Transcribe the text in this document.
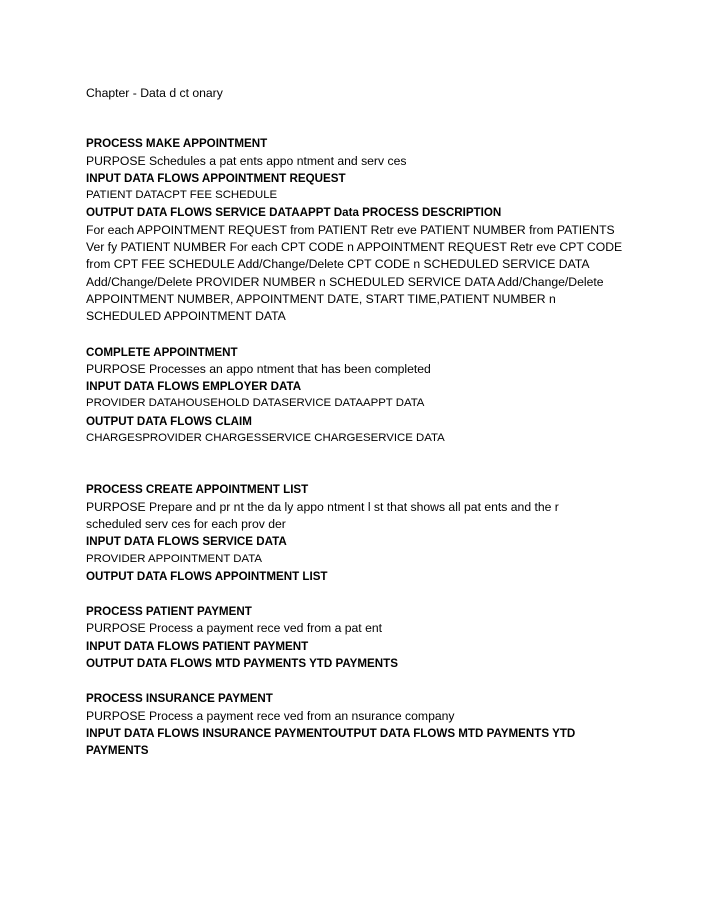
Chapter - Data d ct onary
PROCESS MAKE APPOINTMENT
PURPOSE Schedules a pat ents appo ntment and serv ces
INPUT DATA FLOWS APPOINTMENT REQUEST
PATIENT DATACPT FEE SCHEDULE
OUTPUT DATA FLOWS SERVICE DATAAPPT Data PROCESS DESCRIPTION
For each APPOINTMENT REQUEST from PATIENT Retr eve PATIENT NUMBER from PATIENTS Ver fy PATIENT NUMBER For each CPT CODE n APPOINTMENT REQUEST Retr eve CPT CODE from CPT FEE SCHEDULE Add/Change/Delete CPT CODE n SCHEDULED SERVICE DATA Add/Change/Delete PROVIDER NUMBER n SCHEDULED SERVICE DATA Add/Change/Delete APPOINTMENT NUMBER, APPOINTMENT DATE, START TIME,PATIENT NUMBER n SCHEDULED APPOINTMENT DATA
COMPLETE APPOINTMENT
PURPOSE Processes an appo ntment that has been completed
INPUT DATA FLOWS EMPLOYER DATA
PROVIDER DATAHOUSEHOLD DATASERVICE DATAAPPT DATA
OUTPUT DATA FLOWS CLAIM
CHARGESPROVIDER CHARGESSERVICE CHARGESERVICE DATA
PROCESS CREATE APPOINTMENT LIST
PURPOSE Prepare and pr nt the da ly appo ntment l st that shows all pat ents and the r scheduled serv ces for each prov der
INPUT DATA FLOWS SERVICE DATA
PROVIDER APPOINTMENT DATA
OUTPUT DATA FLOWS APPOINTMENT LIST
PROCESS PATIENT PAYMENT
PURPOSE Process a payment rece ved from a pat ent
INPUT DATA FLOWS PATIENT PAYMENT
OUTPUT DATA FLOWS MTD PAYMENTS YTD PAYMENTS
PROCESS INSURANCE PAYMENT
PURPOSE Process a payment rece ved from an nsurance company
INPUT DATA FLOWS INSURANCE PAYMENTOUTPUT DATA FLOWS MTD PAYMENTS YTD PAYMENTS
